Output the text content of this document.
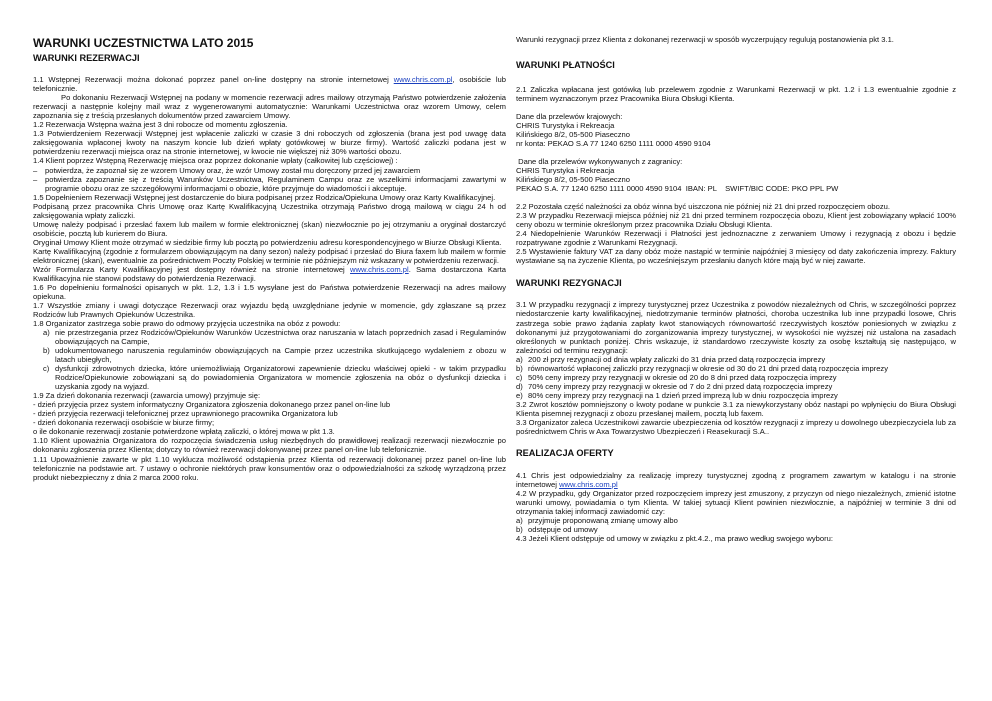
WARUNKI UCZESTNICTWA LATO 2015
WARUNKI REZERWACJI

1.1 Wstępnej Rezerwacji można dokonać poprzez panel on-line dostępny na stronie internetowej www.chris.com.pl, osobiście lub telefonicznie.

Po dokonaniu Rezerwacji Wstępnej na podany w momencie rezerwacji adres mailowy otrzymają Państwo potwierdzenie założenia rezerwacji a następnie kolejny mail wraz z wygenerowanymi automatycznie: Warunkami Uczestnictwa oraz wzorem Umowy, celem zapoznania się z treścią przesłanych dokumentów przed zawarciem Umowy.

1.2 Rezerwacja Wstępna ważna jest 3 dni robocze od momentu zgłoszenia.

1.3 Potwierdzeniem Rezerwacji Wstępnej jest wpłacenie zaliczki w czasie 3 dni roboczych od zgłoszenia (brana jest pod uwagę data zaksięgowania wpłaconej kwoty na naszym koncie lub dzień wpłaty gotówkowej w biurze firmy). Wartość zaliczki podana jest w potwierdzeniu rezerwacji miejsca oraz na stronie internetowej, w kwocie nie większej niż 30% wartości obozu.

1.4 Klient poprzez Wstępną Rezerwację miejsca oraz poprzez dokonanie wpłaty (całkowitej lub częściowej) :

– potwierdza, że zapoznał się ze wzorem Umowy oraz, że wzór Umowy został mu doręczony przed jej zawarciem

– potwierdza zapoznanie się z treścią Warunków Uczestnictwa, Regulaminem Campu oraz ze wszelkimi informacjami zawartymi w programie obozu oraz ze szczegółowymi informacjami o obozie, które przyjmuje do wiadomości i akceptuje.

1.5 Dopełnieniem Rezerwacji Wstępnej jest dostarczenie do biura podpisanej przez Rodzica/Opiekuna Umowy oraz Karty Kwalifikacyjnej.

Podpisaną przez pracownika Chris Umowę oraz Kartę Kwalifikacyjną Uczestnika otrzymają Państwo drogą mailową w ciągu 24 h od zaksięgowania wpłaty zaliczki.

Umowę należy podpisać i przesłać faxem lub mailem w formie elektronicznej (skan) niezwłocznie po jej otrzymaniu a oryginał dostarczyć osobiście, pocztą lub kurierem do Biura.

Oryginał Umowy Klient może otrzymać w siedzibie firmy lub pocztą po potwierdzeniu adresu korespondencyjnego w Biurze Obsługi Klienta.

Kartę Kwalifikacyjną (zgodnie z formularzem obowiązującym na dany sezon) należy podpisać i przesłać do Biura faxem lub mailem w formie elektronicznej (skan), ewentualnie za pośrednictwem Poczty Polskiej w terminie nie późniejszym niż wskazany w potwierdzeniu rezerwacji.

Wzór Formularza Karty Kwalifikacyjnej jest dostępny również na stronie internetowej www.chris.com.pl. Sama dostarczona Karta Kwalifikacyjna nie stanowi podstawy do potwierdzenia Rezerwacji.

1.6 Po dopełnieniu formalności opisanych w pkt. 1.2, 1.3 i 1.5 wysyłane jest do Państwa potwierdzenie Rezerwacji na adres mailowy opiekuna.

1.7 Wszystkie zmiany i uwagi dotyczące Rezerwacji oraz wyjazdu będą uwzględniane jedynie w momencie, gdy zgłaszane są przez Rodziców lub Prawnych Opiekunów Uczestnika.

1.8 Organizator zastrzega sobie prawo do odmowy przyjęcia uczestnika na obóz z powodu:

a) nie przestrzegania przez Rodziców/Opiekunów Warunków Uczestnictwa oraz naruszania w latach poprzednich zasad i Regulaminów obowiązujących na Campie,

b) udokumentowanego naruszenia regulaminów obowiązujących na Campie przez uczestnika skutkującego wydaleniem z obozu w latach ubiegłych,

c) dysfunkcji zdrowotnych dziecka, które uniemożliwiają Organizatorowi zapewnienie dziecku właściwej opieki - w takim przypadku Rodzice/Opiekunowie zobowiązani są do powiadomienia Organizatora w momencie zgłoszenia na obóz o dysfunkcji dziecka i uzyskania zgody na wyjazd.

1.9 Za dzień dokonania rezerwacji (zawarcia umowy) przyjmuje się:

- dzień przyjęcia przez system informatyczny Organizatora zgłoszenia dokonanego przez panel on-line lub

- dzień przyjęcia rezerwacji telefonicznej przez uprawnionego pracownika Organizatora lub

- dzień dokonania rezerwacji osobiście w biurze firmy;

o ile dokonanie rezerwacji zostanie potwierdzone wpłatą zaliczki, o której mowa w pkt 1.3.

1.10 Klient upoważnia Organizatora do rozpoczęcia świadczenia usług niezbędnych do prawidłowej realizacji rezerwacji niezwłocznie po dokonaniu zgłoszenia przez Klienta; dotyczy to również rezerwacji dokonywanej przez panel on-line lub telefonicznie.

1.11 Upoważnienie zawarte w pkt 1.10 wyklucza możliwość odstąpienia przez Klienta od rezerwacji dokonanej przez panel on-line lub telefonicznie na podstawie art. 7 ustawy o ochronie niektórych praw konsumentów oraz o odpowiedzialności za szkodę wyrządzoną przez produkt niebezpieczny z dnia 2 marca 2000 roku.

Warunki rezygnacji przez Klienta z dokonanej rezerwacji w sposób wyczerpujący regulują postanowienia pkt 3.1.

WARUNKI PŁATNOŚCI

2.1 Zaliczka wpłacana jest gotówką lub przelewem zgodnie z Warunkami Rezerwacji w pkt. 1.2 i 1.3 ewentualnie zgodnie z terminem wyznaczonym przez Pracownika Biura Obsługi Klienta.

Dane dla przelewów krajowych:

CHRIS Turystyka i Rekreacja

Kilińskiego 8/2, 05-500 Piaseczno

nr konta: PEKAO S.A 77 1240 6250 1111 0000 4590 9104

Dane dla przelewów wykonywanych z zagranicy:

CHRIS Turystyka i Rekreacja

Kilińskiego 8/2, 05-500 Piaseczno

PEKAO S.A. 77 1240 6250 1111 0000 4590 9104  IBAN: PL    SWIFT/BIC CODE: PKO PPL PW

2.2 Pozostała część należności za obóz winna być uiszczona nie później niż 21 dni przed rozpoczęciem obozu.

2.3 W przypadku Rezerwacji miejsca później niż 21 dni przed terminem rozpoczęcia obozu, Klient jest zobowiązany wpłacić 100% ceny obozu w terminie określonym przez pracownika Działu Obsługi Klienta.

2.4 Niedopełnienie Warunków Rezerwacji i Płatności jest jednoznaczne z zerwaniem Umowy i rezygnacją z obozu i będzie rozpatrywane zgodnie z Warunkami Rezygnacji.

2.5 Wystawienie faktury VAT za dany obóz może nastąpić w terminie najpóźniej 3 miesięcy od daty zakończenia imprezy. Faktury wystawiane są na życzenie Klienta, po wcześniejszym przesłaniu danych które mają być w niej zawarte.

WARUNKI REZYGNACJI

3.1 W przypadku rezygnacji z imprezy turystycznej przez Uczestnika z powodów niezależnych od Chris, w szczególności poprzez niedostarczenie karty kwalifikacyjnej, niedotrzymanie terminów płatności, choroba uczestnika lub inne przypadki losowe, Chris zastrzega sobie prawo żądania zapłaty kwot stanowiących równowartość rzeczywistych kosztów poniesionych w związku z dokonanymi już przygotowaniami do zorganizowania imprezy turystycznej, w wysokości nie wyższej niż ustalona na zasadach określonych w punktach poniżej. Chris wskazuje, iż standardowo rzeczywiste koszty za osobę kształtują się następująco, w zależności od terminu rezygnacji:

a) 200 zł przy rezygnacji od dnia wpłaty zaliczki do 31 dnia przed datą rozpoczęcia imprezy

b) równowartość wpłaconej zaliczki przy rezygnacji w okresie od 30 do 21 dni przed datą rozpoczęcia imprezy

c) 50% ceny imprezy przy rezygnacji w okresie od 20 do 8 dni przed datą rozpoczęcia imprezy

d) 70% ceny imprezy przy rezygnacji w okresie od 7 do 2 dni przed datą rozpoczęcia imprezy

e) 80% ceny imprezy przy rezygnacji na 1 dzień przed imprezą lub w dniu rozpoczęcia imprezy

3.2 Zwrot kosztów pomniejszony o kwoty podane w punkcie 3.1 za niewykorzystany obóz nastąpi po wpłynięciu do Biura Obsługi Klienta pisemnej rezygnacji z obozu przesłanej mailem, pocztą lub faxem.

3.3 Organizator zaleca Uczestnikowi zawarcie ubezpieczenia od kosztów rezygnacji z imprezy u dowolnego ubezpieczyciela lub za pośrednictwem Chris w Axa Towarzystwo Ubezpieczeń i Reasekuracji S.A..

REALIZACJA OFERTY

4.1 Chris jest odpowiedzialny za realizację imprezy turystycznej zgodną z programem zawartym w katalogu i na stronie internetowej www.chris.com.pl

4.2 W przypadku, gdy Organizator przed rozpoczęciem imprezy jest zmuszony, z przyczyn od niego niezależnych, zmienić istotne warunki umowy, powiadamia o tym Klienta. W takiej sytuacji Klient powinien niezwłocznie, a najpóźniej w terminie 3 dni od otrzymania takiej informacji zawiadomić czy:

a) przyjmuje proponowaną zmianę umowy albo

b) odstępuje od umowy

4.3 Jeżeli Klient odstępuje od umowy w związku z pkt.4.2., ma prawo według swojego wyboru:
